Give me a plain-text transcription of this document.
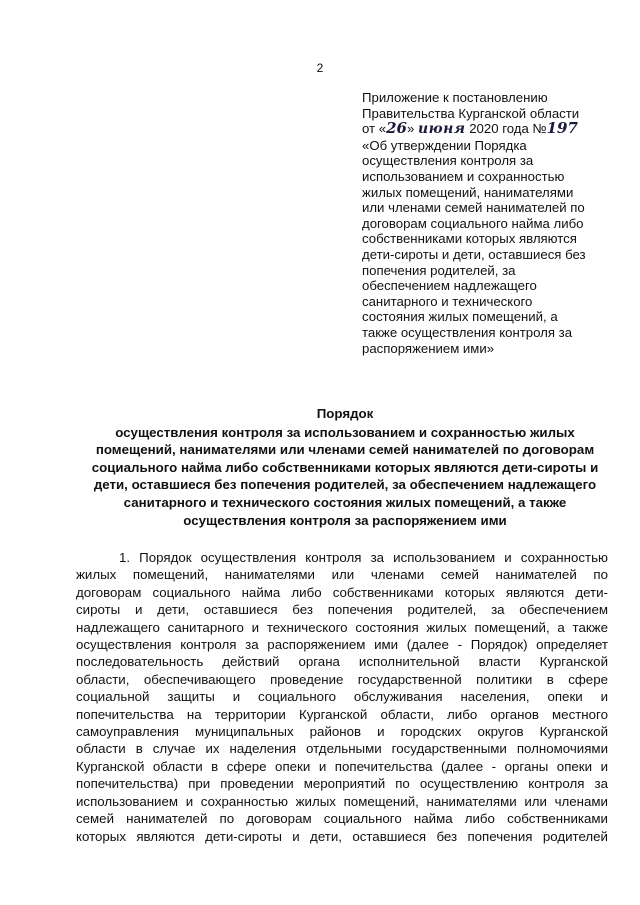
2
Приложение к постановлению
Правительства Курганской области
от «26» июня 2020 года №197
«Об утверждении Порядка
осуществления контроля за
использованием и сохранностью
жилых помещений, нанимателями
или членами семей нанимателей по
договорам социального найма либо
собственниками которых являются
дети-сироты и дети, оставшиеся без
попечения родителей, за
обеспечением надлежащего
санитарного и технического
состояния жилых помещений, а
также осуществления контроля за
распоряжением ими»
Порядок
осуществления контроля за использованием и сохранностью жилых
помещений, нанимателями или членами семей нанимателей по договорам
социального найма либо собственниками которых являются дети-сироты и
дети, оставшиеся без попечения родителей, за обеспечением надлежащего
санитарного и технического состояния жилых помещений, а также
осуществления контроля за распоряжением ими
1. Порядок осуществления контроля за использованием и сохранностью
жилых помещений, нанимателями или членами семей нанимателей по
договорам социального найма либо собственниками которых являются дети-
сироты и дети, оставшиеся без попечения родителей, за обеспечением
надлежащего санитарного и технического состояния жилых помещений, а также
осуществления контроля за распоряжением ими (далее - Порядок) определяет
последовательность действий органа исполнительной власти Курганской
области, обеспечивающего проведение государственной политики в сфере
социальной защиты и социального обслуживания населения, опеки и
попечительства на территории Курганской области, либо органов местного
самоуправления муниципальных районов и городских округов Курганской
области в случае их наделения отдельными государственными полномочиями
Курганской области в сфере опеки и попечительства (далее - органы опеки и
попечительства) при проведении мероприятий по осуществлению контроля за
использованием и сохранностью жилых помещений, нанимателями или членами
семей нанимателей по договорам социального найма либо собственниками
которых являются дети-сироты и дети, оставшиеся без попечения родителей
